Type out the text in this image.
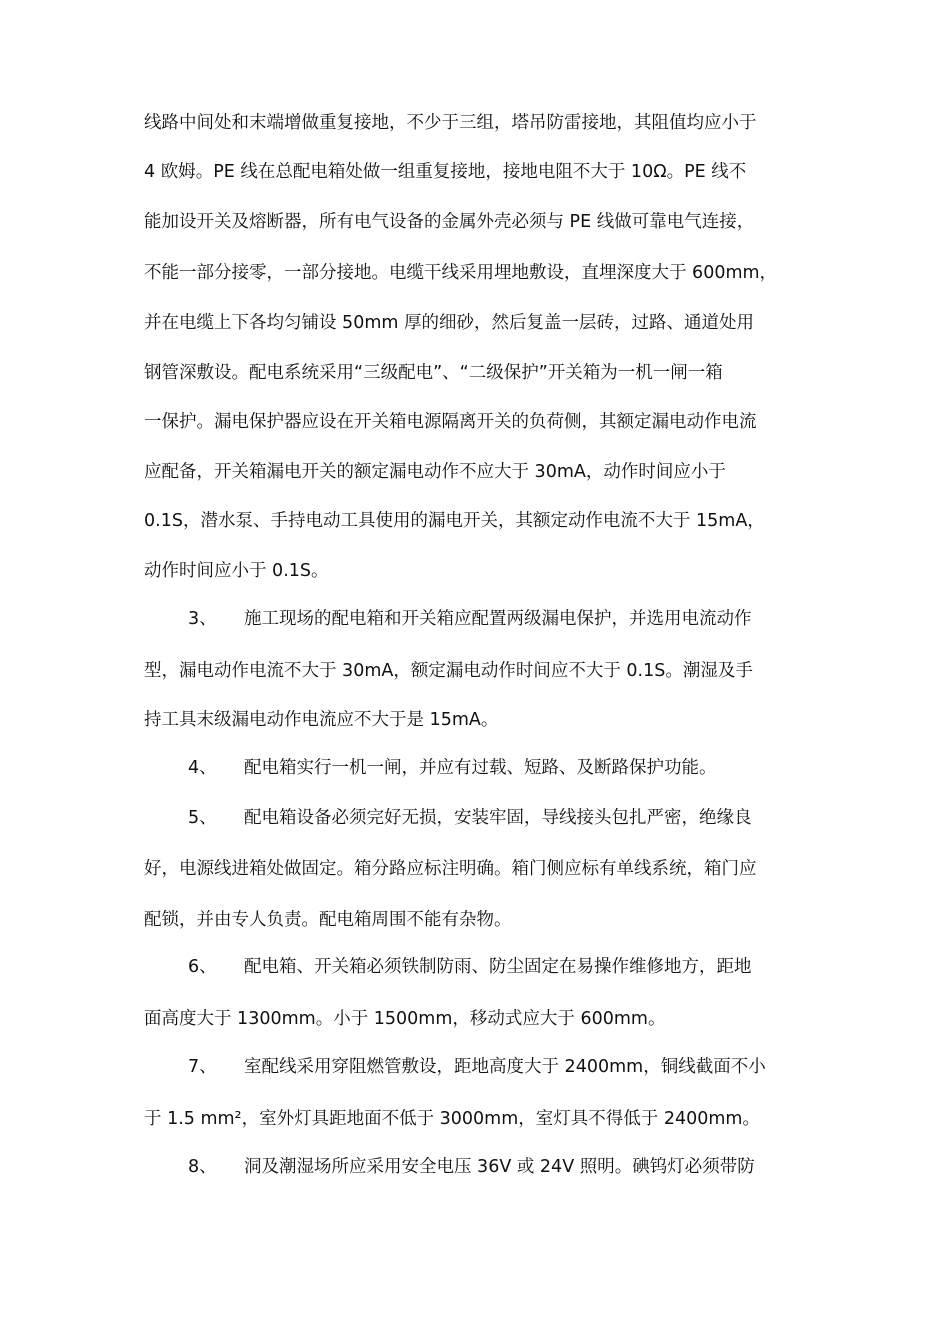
线路中间处和末端增做重复接地，不少于三组，塔吊防雷接地，其阻值均应小于
4 欧姆。PE 线在总配电箱处做一组重复接地，接地电阻不大于 10Ω。PE 线不
能加设开关及熔断器，所有电气设备的金属外壳必须与 PE 线做可靠电气连接，
不能一部分接零，一部分接地。电缆干线采用埋地敷设，直埋深度大于 600mm，
并在电缆上下各均匀铺设 50mm 厚的细砂，然后复盖一层砖，过路、通道处用
钢管深敷设。配电系统采用“三级配电”、“二级保护”开关箱为一机一闸一箱
一保护。漏电保护器应设在开关箱电源隔离开关的负荷侧，其额定漏电动作电流
应配备，开关箱漏电开关的额定漏电动作不应大于 30mA，动作时间应小于
0.1S，潜水泵、手持电动工具使用的漏电开关，其额定动作电流不大于 15mA，
动作时间应小于 0.1S。
3、 施工现场的配电箱和开关箱应配置两级漏电保护，并选用电流动作
型，漏电动作电流不大于 30mA，额定漏电动作时间应不大于 0.1S。潮湿及手
持工具末级漏电动作电流应不大于是 15mA。
4、 配电箱实行一机一闸，并应有过载、短路、及断路保护功能。
5、 配电箱设备必须完好无损，安装牢固，导线接头包扎严密，绝缘良
好，电源线进箱处做固定。箱分路应标注明确。箱门侧应标有单线系统，箱门应
配锁，并由专人负责。配电箱周围不能有杂物。
6、 配电箱、开关箱必须铁制防雨、防尘固定在易操作维修地方，距地
面高度大于 1300mm。小于 1500mm，移动式应大于 600mm。
7、 室配线采用穿阻燃管敷设，距地高度大于 2400mm，铜线截面不小
于 1.5 mm²，室外灯具距地面不低于 3000mm，室灯具不得低于 2400mm。
8、 洞及潮湿场所应采用安全电压 36V 或 24V 照明。碘钨灯必须带防
